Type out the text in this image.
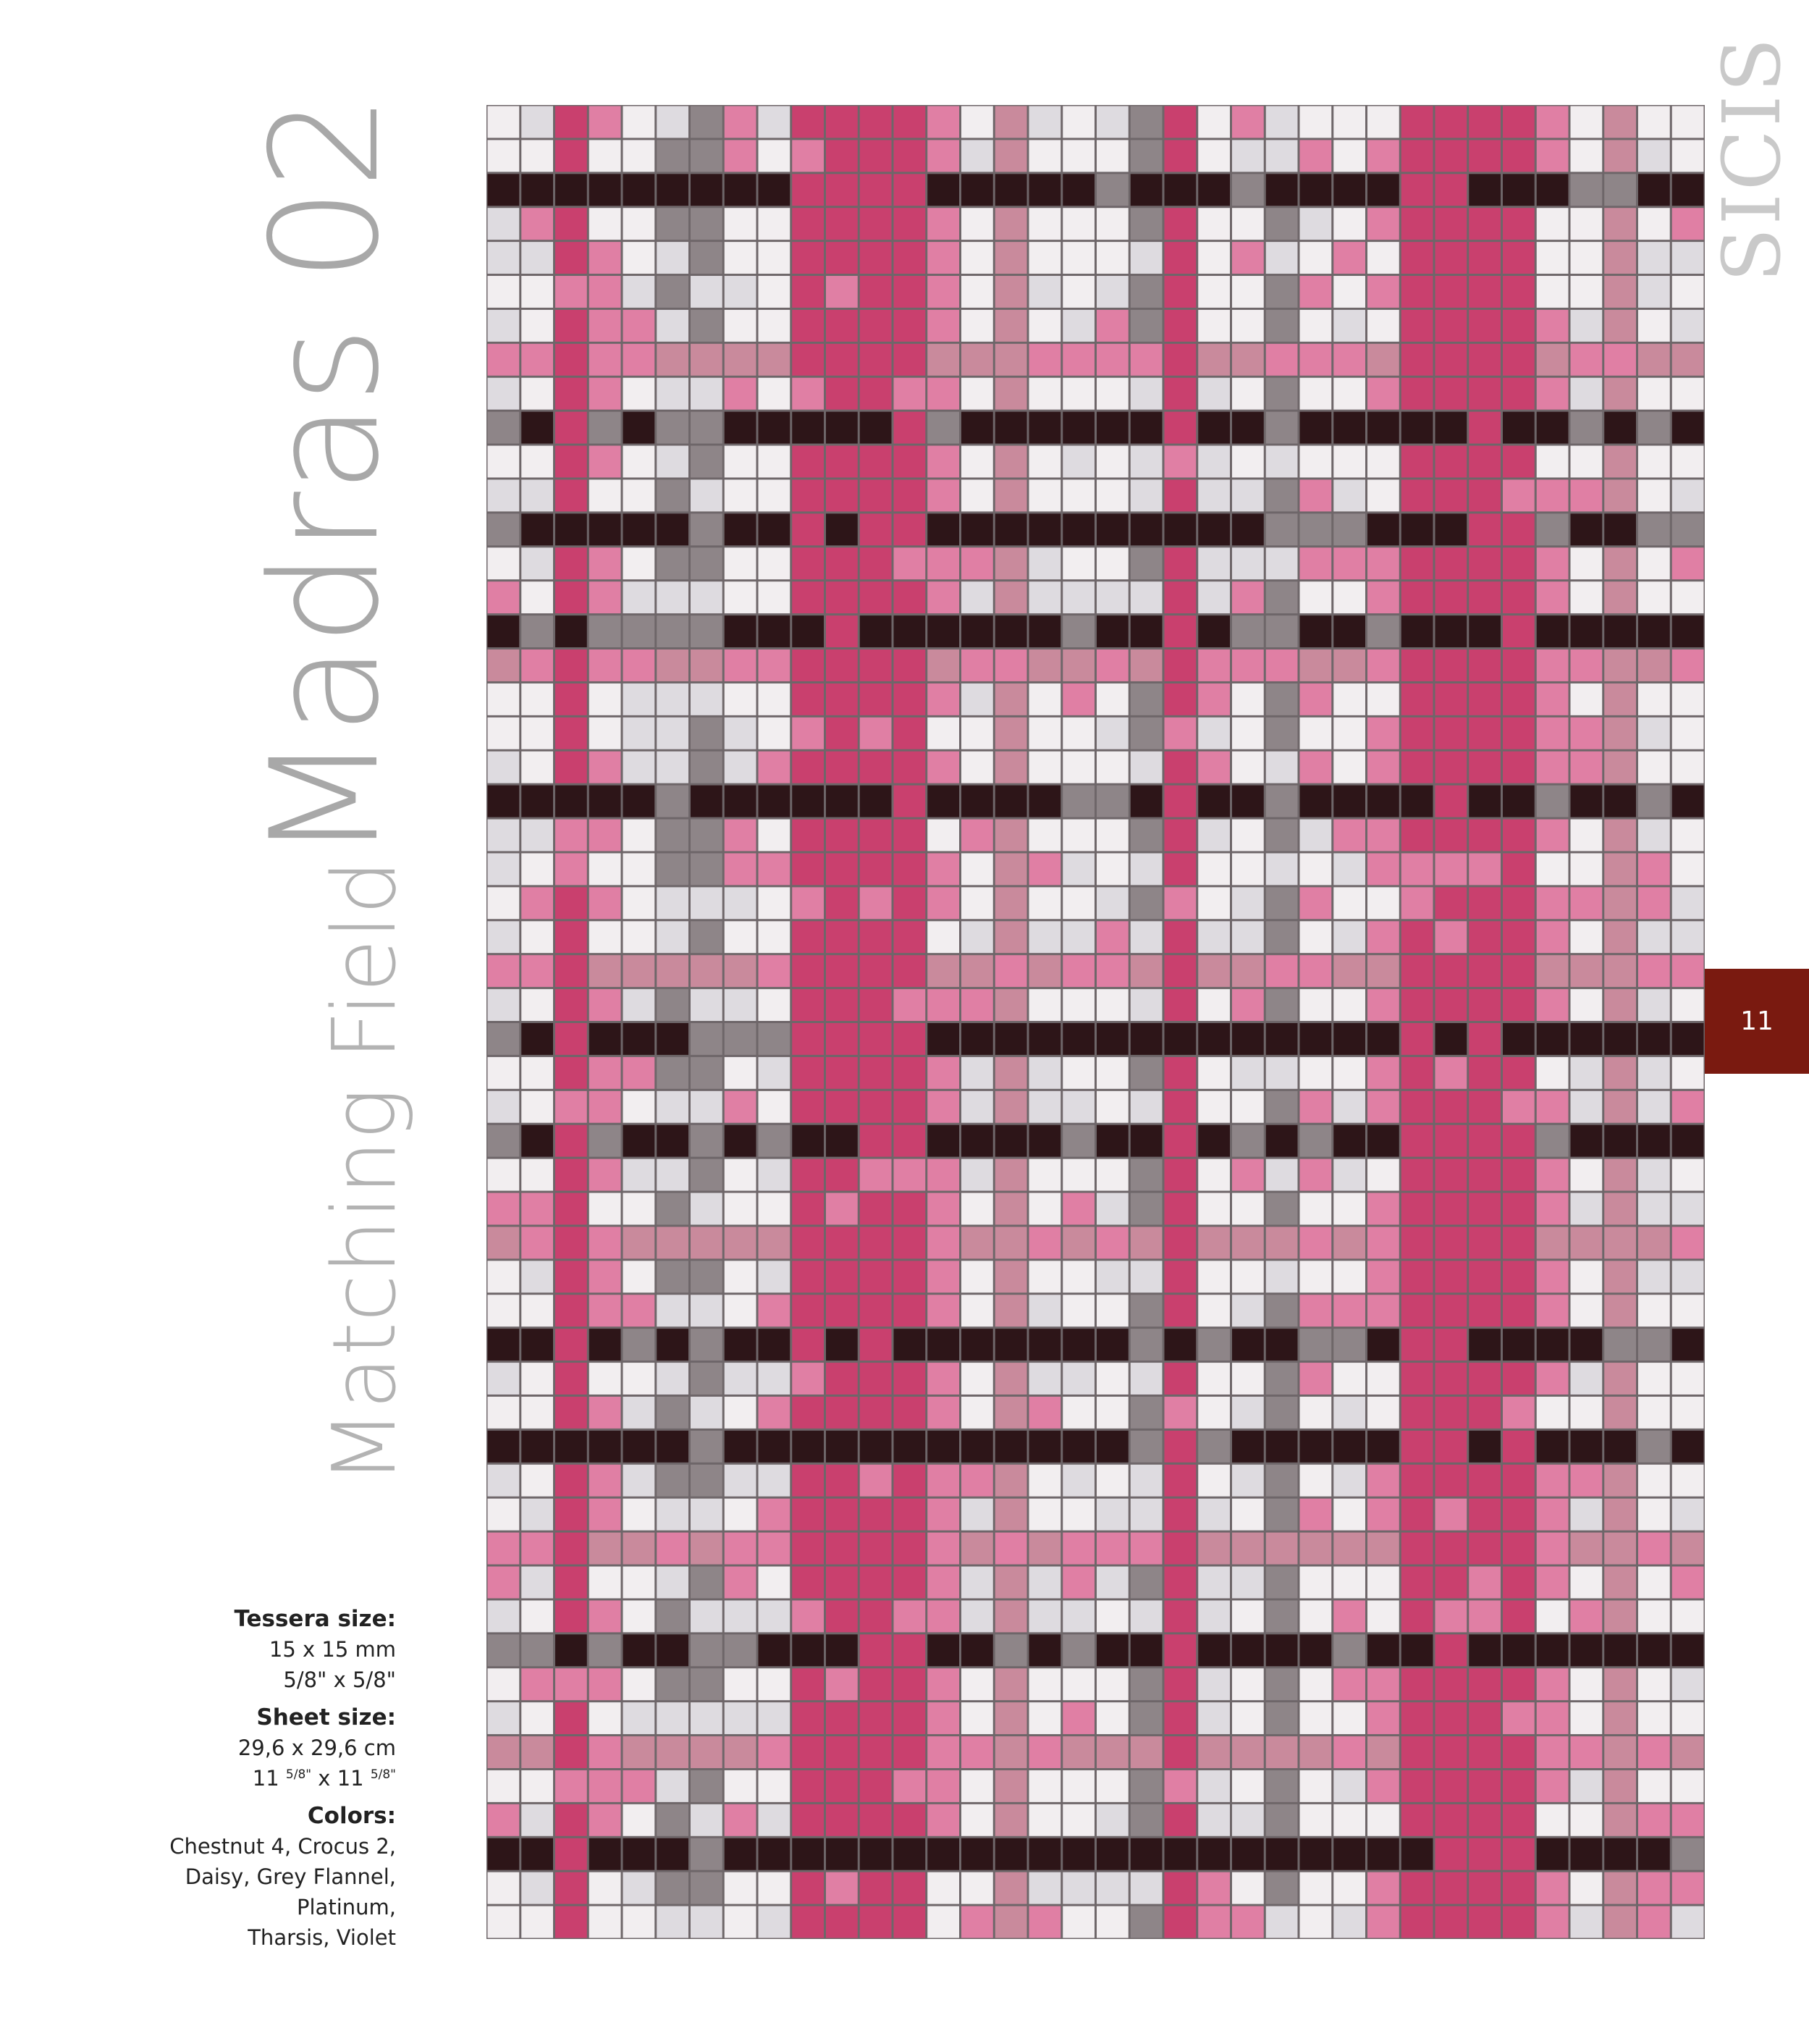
Madras 02
Matching Field
SICIS
11
Tessera size:
15 x 15 mm
5/8" x 5/8"
Sheet size:
29,6 x 29,6 cm
11 $^{5/8"}$ x 11 $^{5/8"}$
Colors:
Chestnut 4, Crocus 2,
Daisy, Grey Flannel,
Platinum,
Tharsis, Violet
